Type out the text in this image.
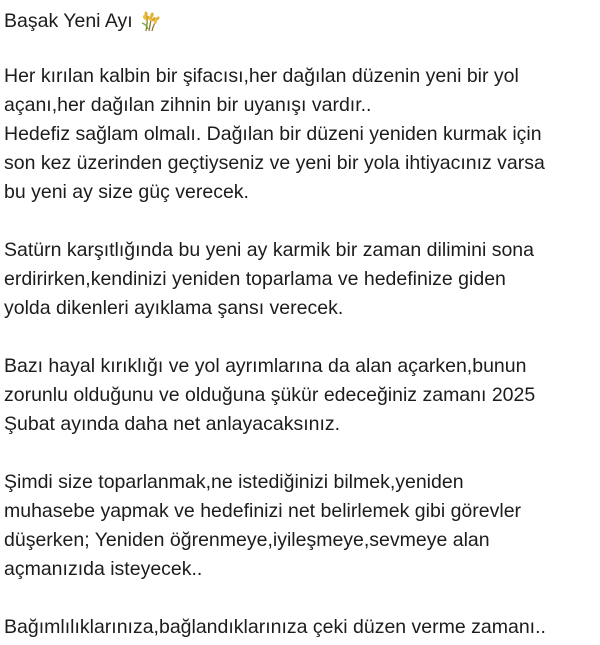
Başak Yeni Ayı
Her kırılan kalbin bir şifacısı,her dağılan düzenin yeni bir yol
açanı,her dağılan zihnin bir uyanışı vardır..
Hedefiz sağlam olmalı. Dağılan bir düzeni yeniden kurmak için
son kez üzerinden geçtiyseniz ve yeni bir yola ihtiyacınız varsa
bu yeni ay size güç verecek.
Satürn karşıtlığında bu yeni ay karmik bir zaman dilimini sona
erdirirken,kendinizi yeniden toparlama ve hedefinize giden
yolda dikenleri ayıklama şansı verecek.
Bazı hayal kırıklığı ve yol ayrımlarına da alan açarken,bunun
zorunlu olduğunu ve olduğuna şükür edeceğiniz zamanı 2025
Şubat ayında daha net anlayacaksınız.
Şimdi size toparlanmak,ne istediğinizi bilmek,yeniden
muhasebe yapmak ve hedefinizi net belirlemek gibi görevler
düşerken; Yeniden öğrenmeye,iyileşmeye,sevmeye alan
açmanızıda isteyecek..
Bağımlılıklarınıza,bağlandıklarınıza çeki düzen verme zamanı..
